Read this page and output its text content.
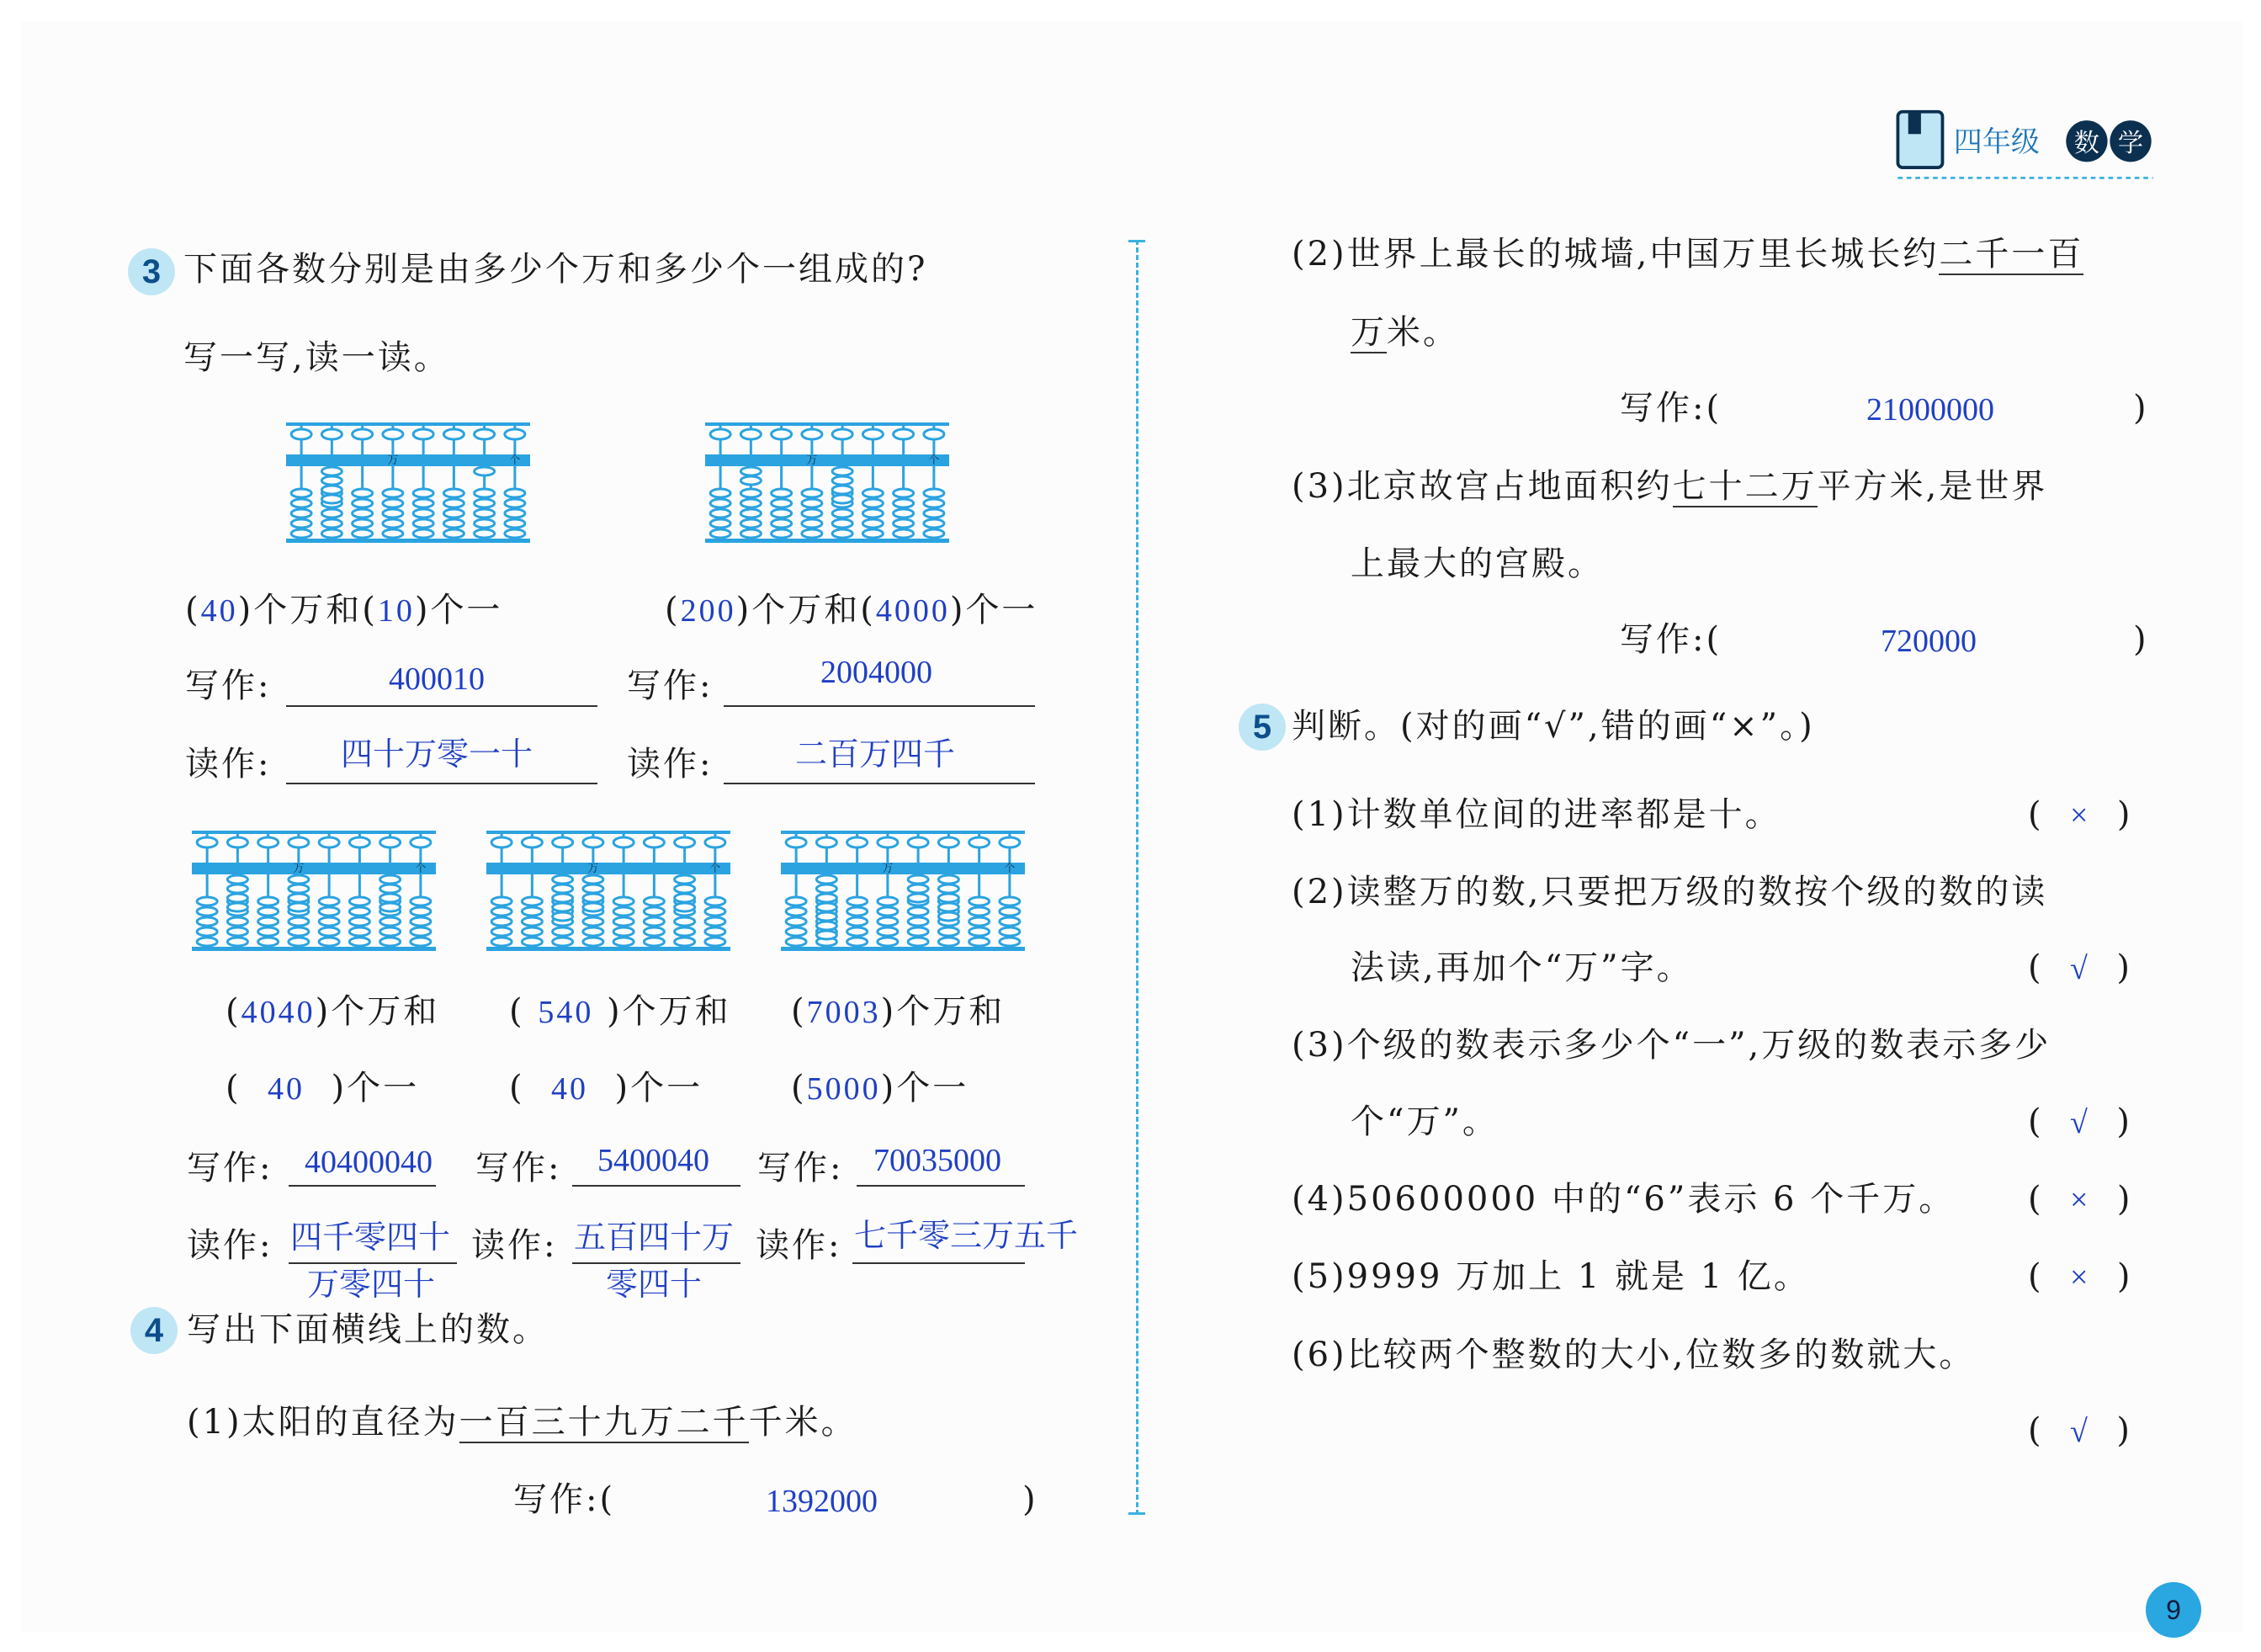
四年级 数 学
3 下面各数分别是由多少个万和多少个一组成的?
写一写,读一读。
万	个	万	个
万	个	万	个	万	个
(40)个万和(10)个一
写作:	400010
读作: 四十万零一十
(200)个万和(4000)个一
写作:	2004000
读作:	二百万四千
(4040)个万和 ( 540 )个万和 (7003)个万和
(  40  )个一	(  40  )个一	(5000)个一
写作: 40400040 写作: 5400040 写作: 70035000
读作: 四千零四十
万零四十
读作: 五百四十万
零四十
读作: 七千零三万五千
4 写出下面横线上的数。
(1)太阳的直径为一百三十九万二千千米。
写作:(	1392000	)
(2)世界上最长的城墙,中国万里长城长约二千一百
万米。
写作:(	21000000	)
(3)北京故宫占地面积约七十二万平方米,是世界
上最大的宫殿。
写作:(	720000	)
5 判断。(对的画“√”,错的画“×”。)
(1)计数单位间的进率都是十。	( × )
(2)读整万的数,只要把万级的数按个级的数的读
法读,再加个“万”字。	( √ )
(3)个级的数表示多少个“一”,万级的数表示多少
个“万”。	( √ )
(4)50600000 中的“6”表示 6 个千万。 ( × )
(5)9999 万加上 1 就是 1 亿。	( × )
(6)比较两个整数的大小,位数多的数就大。
( √ )
9
